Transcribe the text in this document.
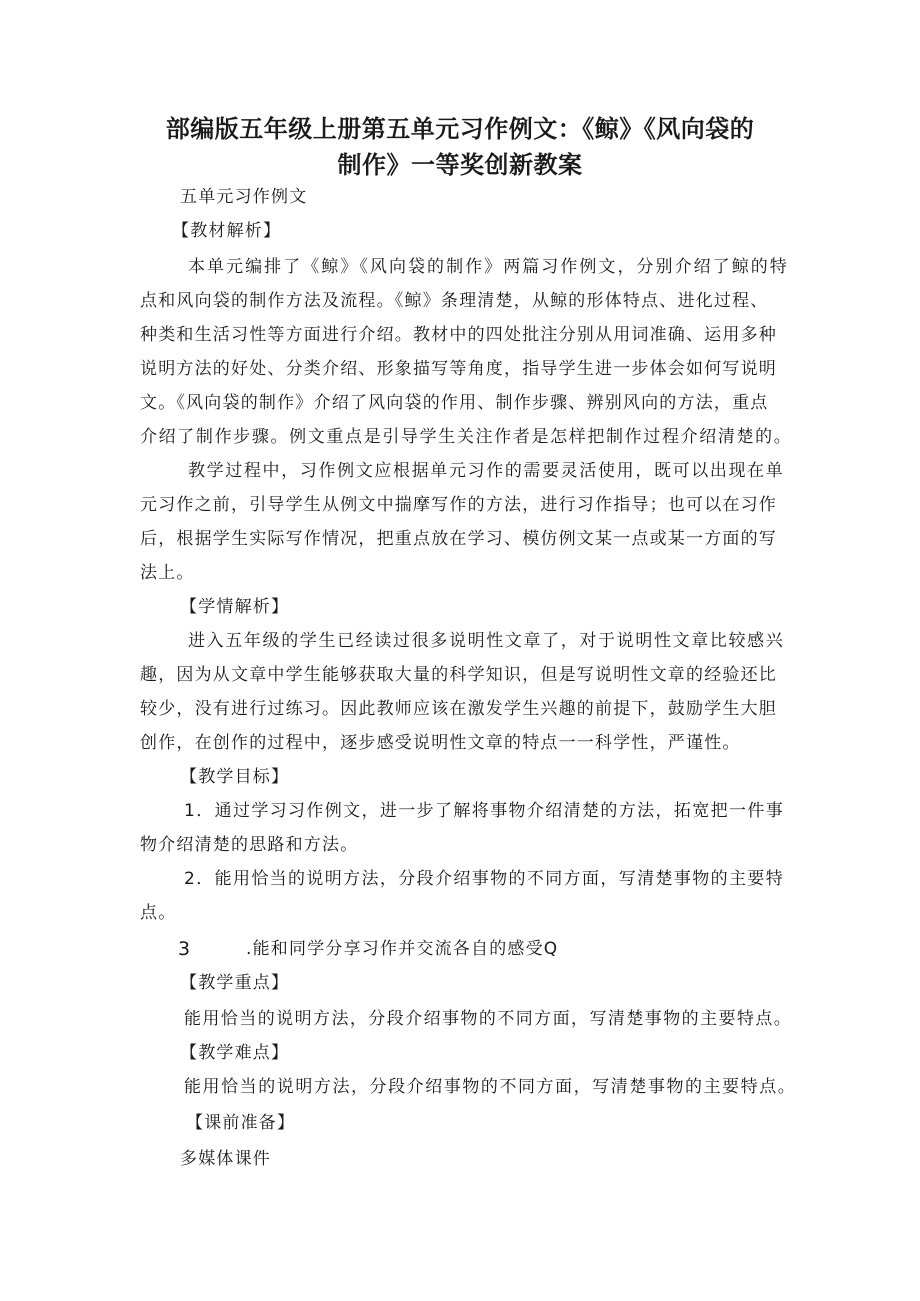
部编版五年级上册第五单元习作例文：《鲸》《风向袋的
制作》一等奖创新教案
五单元习作例文
【教材解析】
本单元编排了《鲸》《风向袋的制作》两篇习作例文，分别介绍了鲸的特
点和风向袋的制作方法及流程。《鲸》条理清楚，从鲸的形体特点、进化过程、
种类和生活习性等方面进行介绍。教材中的四处批注分别从用词准确、运用多种
说明方法的好处、分类介绍、形象描写等角度，指导学生进一步体会如何写说明
文。《风向袋的制作》介绍了风向袋的作用、制作步骤、辨别风向的方法，重点
介绍了制作步骤。例文重点是引导学生关注作者是怎样把制作过程介绍清楚的。
教学过程中，习作例文应根据单元习作的需要灵活使用，既可以出现在单
元习作之前，引导学生从例文中揣摩写作的方法，进行习作指导；也可以在习作
后，根据学生实际写作情况，把重点放在学习、模仿例文某一点或某一方面的写
法上。
【学情解析】
进入五年级的学生已经读过很多说明性文章了，对于说明性文章比较感兴
趣，因为从文章中学生能够获取大量的科学知识，但是写说明性文章的经验还比
较少，没有进行过练习。因此教师应该在激发学生兴趣的前提下，鼓励学生大胆
创作，在创作的过程中，逐步感受说明性文章的特点一一科学性，严谨性。
【教学目标】
1．通过学习习作例文，进一步了解将事物介绍清楚的方法，拓宽把一件事
物介绍清楚的思路和方法。
2．能用恰当的说明方法，分段介绍事物的不同方面，写清楚事物的主要特
点。
3	.能和同学分享习作并交流各自的感受Q
【教学重点】
能用恰当的说明方法，分段介绍事物的不同方面，写清楚事物的主要特点。
【教学难点】
能用恰当的说明方法，分段介绍事物的不同方面，写清楚事物的主要特点。
【课前准备】
多媒体课件
